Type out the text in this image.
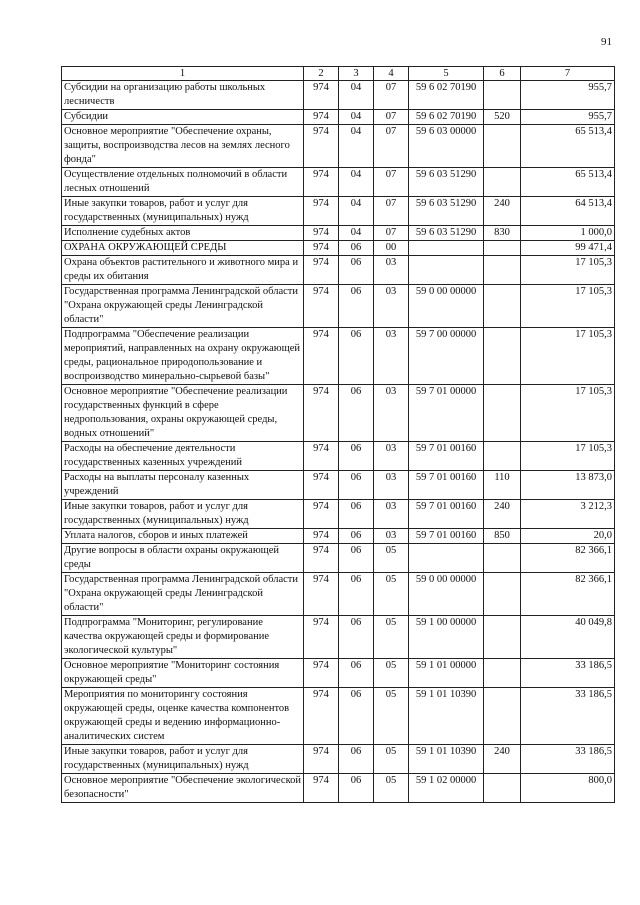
91
1	2	3	4	5	6	7
Субсидии на организацию работы школьных лесничеств	974	04	07	59 6 02 70190		955,7
Субсидии	974	04	07	59 6 02 70190	520	955,7
Основное мероприятие "Обеспечение охраны, защиты, воспроизводства лесов на землях лесного фонда"	974	04	07	59 6 03 00000		65 513,4
Осуществление отдельных полномочий в области лесных отношений	974	04	07	59 6 03 51290		65 513,4
Иные закупки товаров, работ и услуг для государственных (муниципальных) нужд	974	04	07	59 6 03 51290	240	64 513,4
Исполнение судебных актов	974	04	07	59 6 03 51290	830	1 000,0
ОХРАНА ОКРУЖАЮЩЕЙ СРЕДЫ	974	06	00			99 471,4
Охрана объектов растительного и животного мира и среды их обитания	974	06	03			17 105,3
Государственная программа Ленинградской области "Охрана окружающей среды Ленинградской области"	974	06	03	59 0 00 00000		17 105,3
Подпрограмма "Обеспечение реализации мероприятий, направленных на охрану окружающей среды, рациональное природопользование и воспроизводство минерально-сырьевой базы"	974	06	03	59 7 00 00000		17 105,3
Основное мероприятие "Обеспечение реализации государственных функций в сфере недропользования, охраны окружающей среды, водных отношений"	974	06	03	59 7 01 00000		17 105,3
Расходы на обеспечение деятельности государственных казенных учреждений	974	06	03	59 7 01 00160		17 105,3
Расходы на выплаты персоналу казенных учреждений	974	06	03	59 7 01 00160	110	13 873,0
Иные закупки товаров, работ и услуг для государственных (муниципальных) нужд	974	06	03	59 7 01 00160	240	3 212,3
Уплата налогов, сборов и иных платежей	974	06	03	59 7 01 00160	850	20,0
Другие вопросы в области охраны окружающей среды	974	06	05			82 366,1
Государственная программа Ленинградской области "Охрана окружающей среды Ленинградской области"	974	06	05	59 0 00 00000		82 366,1
Подпрограмма "Мониторинг, регулирование качества окружающей среды и формирование экологической культуры"	974	06	05	59 1 00 00000		40 049,8
Основное мероприятие "Мониторинг состояния окружающей среды"	974	06	05	59 1 01 00000		33 186,5
Мероприятия по мониторингу состояния окружающей среды, оценке качества компонентов окружающей среды и ведению информационно-аналитических систем	974	06	05	59 1 01 10390		33 186,5
Иные закупки товаров, работ и услуг для государственных (муниципальных) нужд	974	06	05	59 1 01 10390	240	33 186,5
Основное мероприятие "Обеспечение экологической безопасности"	974	06	05	59 1 02 00000		800,0
